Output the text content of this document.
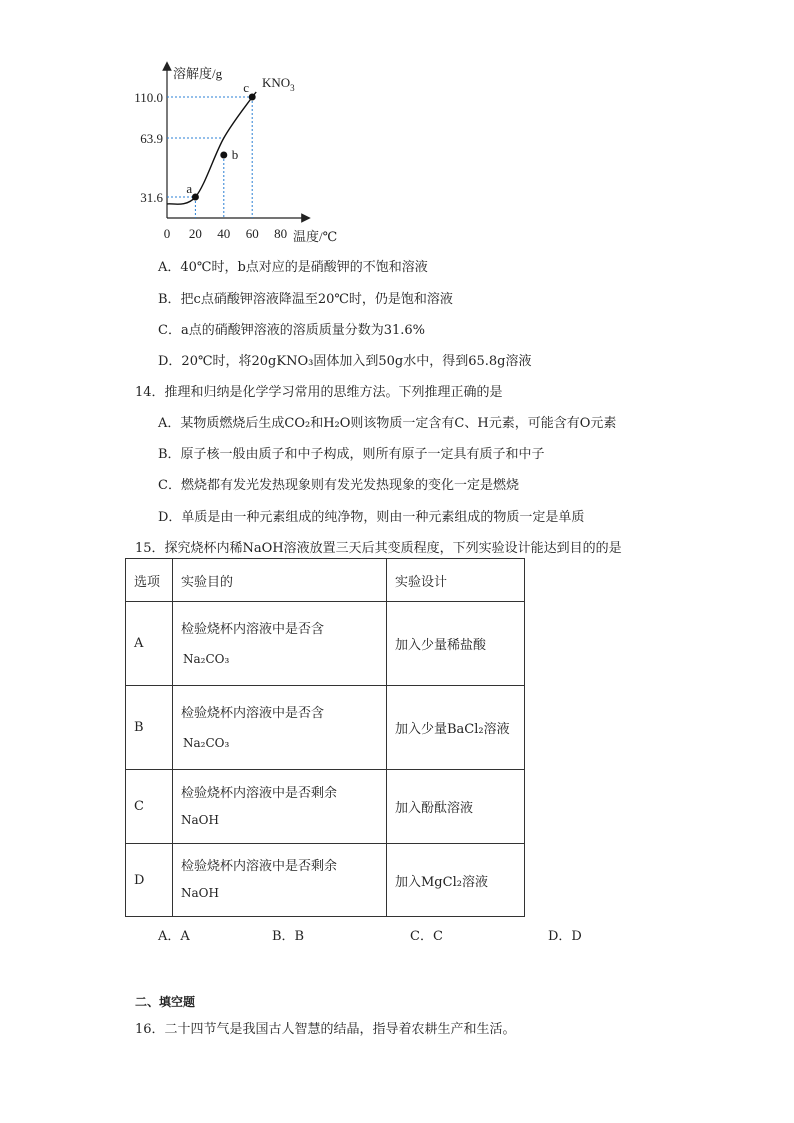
溶解度/g
温度/℃
0 20 40 60 80
31.6
63.9
110.0
a
b
c $KNO_3$
A．40℃时，b点对应的是硝酸钾的不饱和溶液
B．把c点硝酸钾溶液降温至20℃时，仍是饱和溶液
C．a点的硝酸钾溶液的溶质质量分数为31.6%
D．20℃时，将20gKNO₃固体加入到50g水中，得到65.8g溶液
14．推理和归纳是化学学习常用的思维方法。下列推理正确的是
A．某物质燃烧后生成CO₂和H₂O则该物质一定含有C、H元素，可能含有O元素
B．原子核一般由质子和中子构成，则所有原子一定具有质子和中子
C．燃烧都有发光发热现象则有发光发热现象的变化一定是燃烧
D．单质是由一种元素组成的纯净物，则由一种元素组成的物质一定是单质
15．探究烧杯内稀NaOH溶液放置三天后其变质程度，下列实验设计能达到目的的是
选项	实验目的	实验设计
A	检验烧杯内溶液中是否含
Na₂CO₃	加入少量稀盐酸
B	检验烧杯内溶液中是否含
Na₂CO₃	加入少量BaCl₂溶液
C	检验烧杯内溶液中是否剩余
NaOH	加入酚酞溶液
D	检验烧杯内溶液中是否剩余
NaOH	加入MgCl₂溶液
A．A	B．B	C．C	D．D
二、填空题
16．二十四节气是我国古人智慧的结晶，指导着农耕生产和生活。
